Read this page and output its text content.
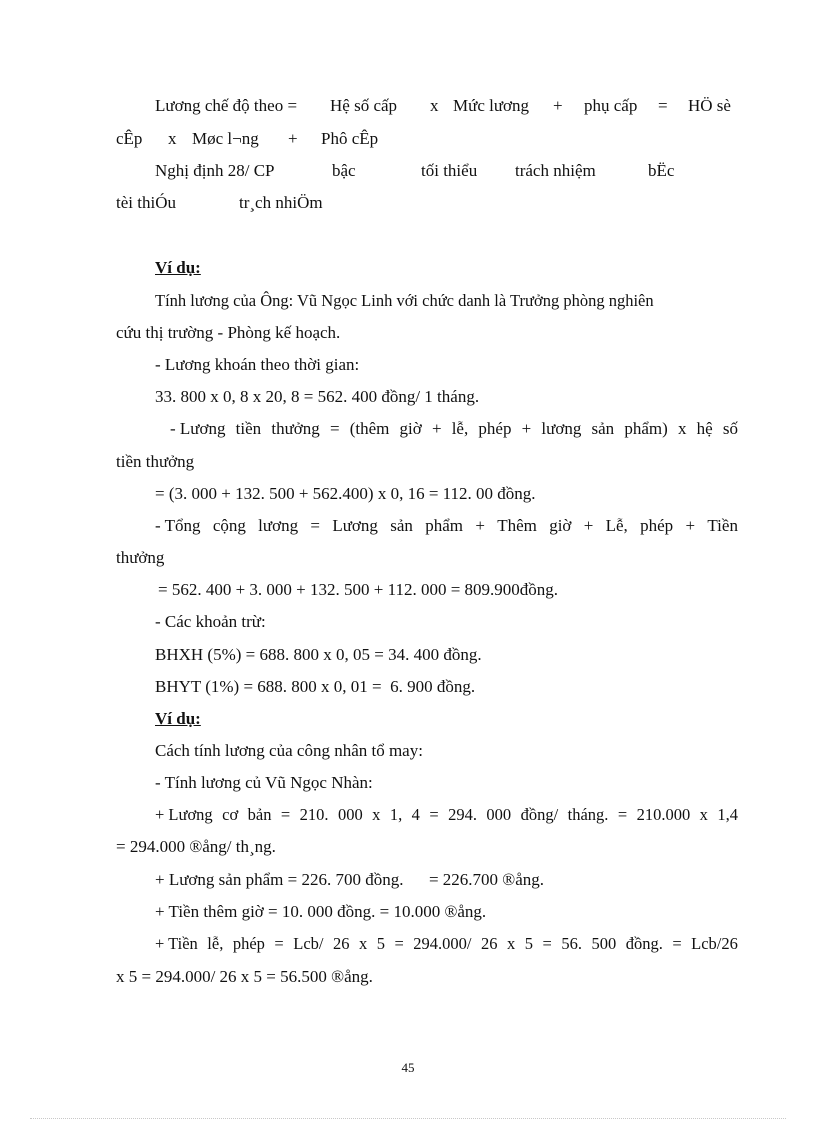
Lương chế độ theo = Hệ số cấp x Mức lương + phụ cấp = HÖ sè
cÊp x Møc l¬ng + Phô cÊp
Nghị định 28/ CP	bậc	tối thiểu trách nhiệm	bËc
tèi thiÓu	tr¸ch nhiÖm
Ví dụ:
Tính lương của Ông: Vũ Ngọc Linh với chức danh là Trưởng phòng nghiên
cứu thị trường - Phòng kế hoạch.
- Lương khoán theo thời gian:
33. 800 x 0, 8 x 20, 8 = 562. 400 đồng/ 1 tháng.
- Lương tiền thưởng = (thêm giờ + lễ, phép + lương sản phẩm) x hệ số
tiền thưởng
= (3. 000 + 132. 500 + 562.400) x 0, 16 = 112. 00 đồng.
- Tổng cộng lương = Lương sản phẩm + Thêm giờ + Lễ, phép + Tiền
thưởng
= 562. 400 + 3. 000 + 132. 500 + 112. 000 = 809.900đồng.
- Các khoản trừ:
BHXH (5%) = 688. 800 x 0, 05 = 34. 400 đồng.
BHYT (1%) = 688. 800 x 0, 01 =  6. 900 đồng.
Ví dụ:
Cách tính lương của công nhân tổ may:
- Tính lương củ Vũ Ngọc Nhàn:
+ Lương cơ bản = 210. 000 x 1, 4 = 294. 000 đồng/ tháng. = 210.000 x 1,4
= 294.000 ®ång/ th¸ng.
+ Lương sản phẩm = 226. 700 đồng.      = 226.700 ®ång.
+ Tiền thêm giờ = 10. 000 đồng. = 10.000 ®ång.
+ Tiền lễ, phép = Lcb/ 26 x 5 = 294.000/ 26 x 5 = 56. 500 đồng. = Lcb/26
x 5 = 294.000/ 26 x 5 = 56.500 ®ång.
45
